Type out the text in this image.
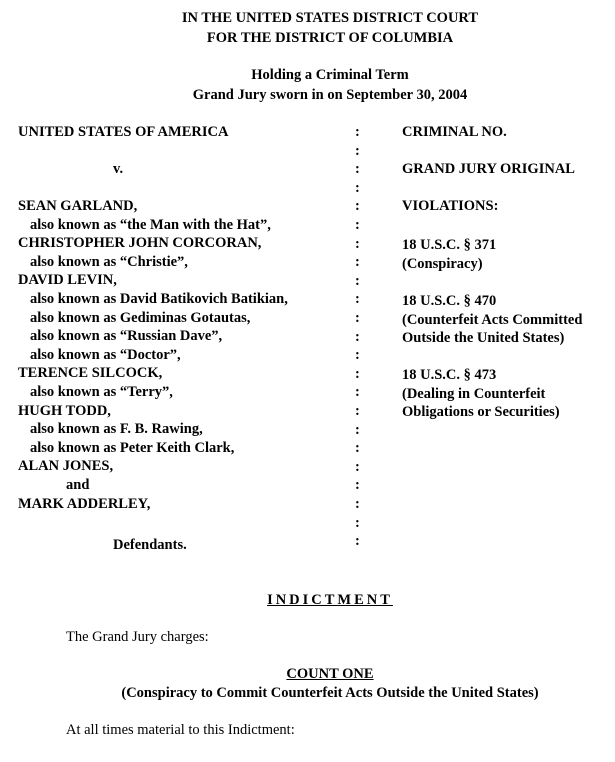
IN THE UNITED STATES DISTRICT COURT
FOR THE DISTRICT OF COLUMBIA
Holding a Criminal Term
Grand Jury sworn in on September 30, 2004
UNITED STATES OF AMERICA
v.
SEAN GARLAND,
also known as “the Man with the Hat”,
CHRISTOPHER JOHN CORCORAN,
also known as “Christie”,
DAVID LEVIN,
also known as David Batikovich Batikian,
also known as Gediminas Gotautas,
also known as “Russian Dave”,
also known as “Doctor”,
TERENCE SILCOCK,
also known as “Terry”,
HUGH TODD,
also known as F. B. Rawing,
also known as Peter Keith Clark,
ALAN JONES,
and
MARK ADDERLEY,
Defendants.
:
:
:
:
:
:
:
:
:
:
:
:
:
:
:
:
:
:
:
:
:
:
:
CRIMINAL NO.
GRAND JURY ORIGINAL
VIOLATIONS:
18 U.S.C. § 371
(Conspiracy)
18 U.S.C. § 470
(Counterfeit Acts Committed
Outside the United States)
18 U.S.C. § 473
(Dealing in Counterfeit
Obligations or Securities)
INDICTMENT
The Grand Jury charges:
COUNT ONE
(Conspiracy to Commit Counterfeit Acts Outside the United States)
At all times material to this Indictment:
